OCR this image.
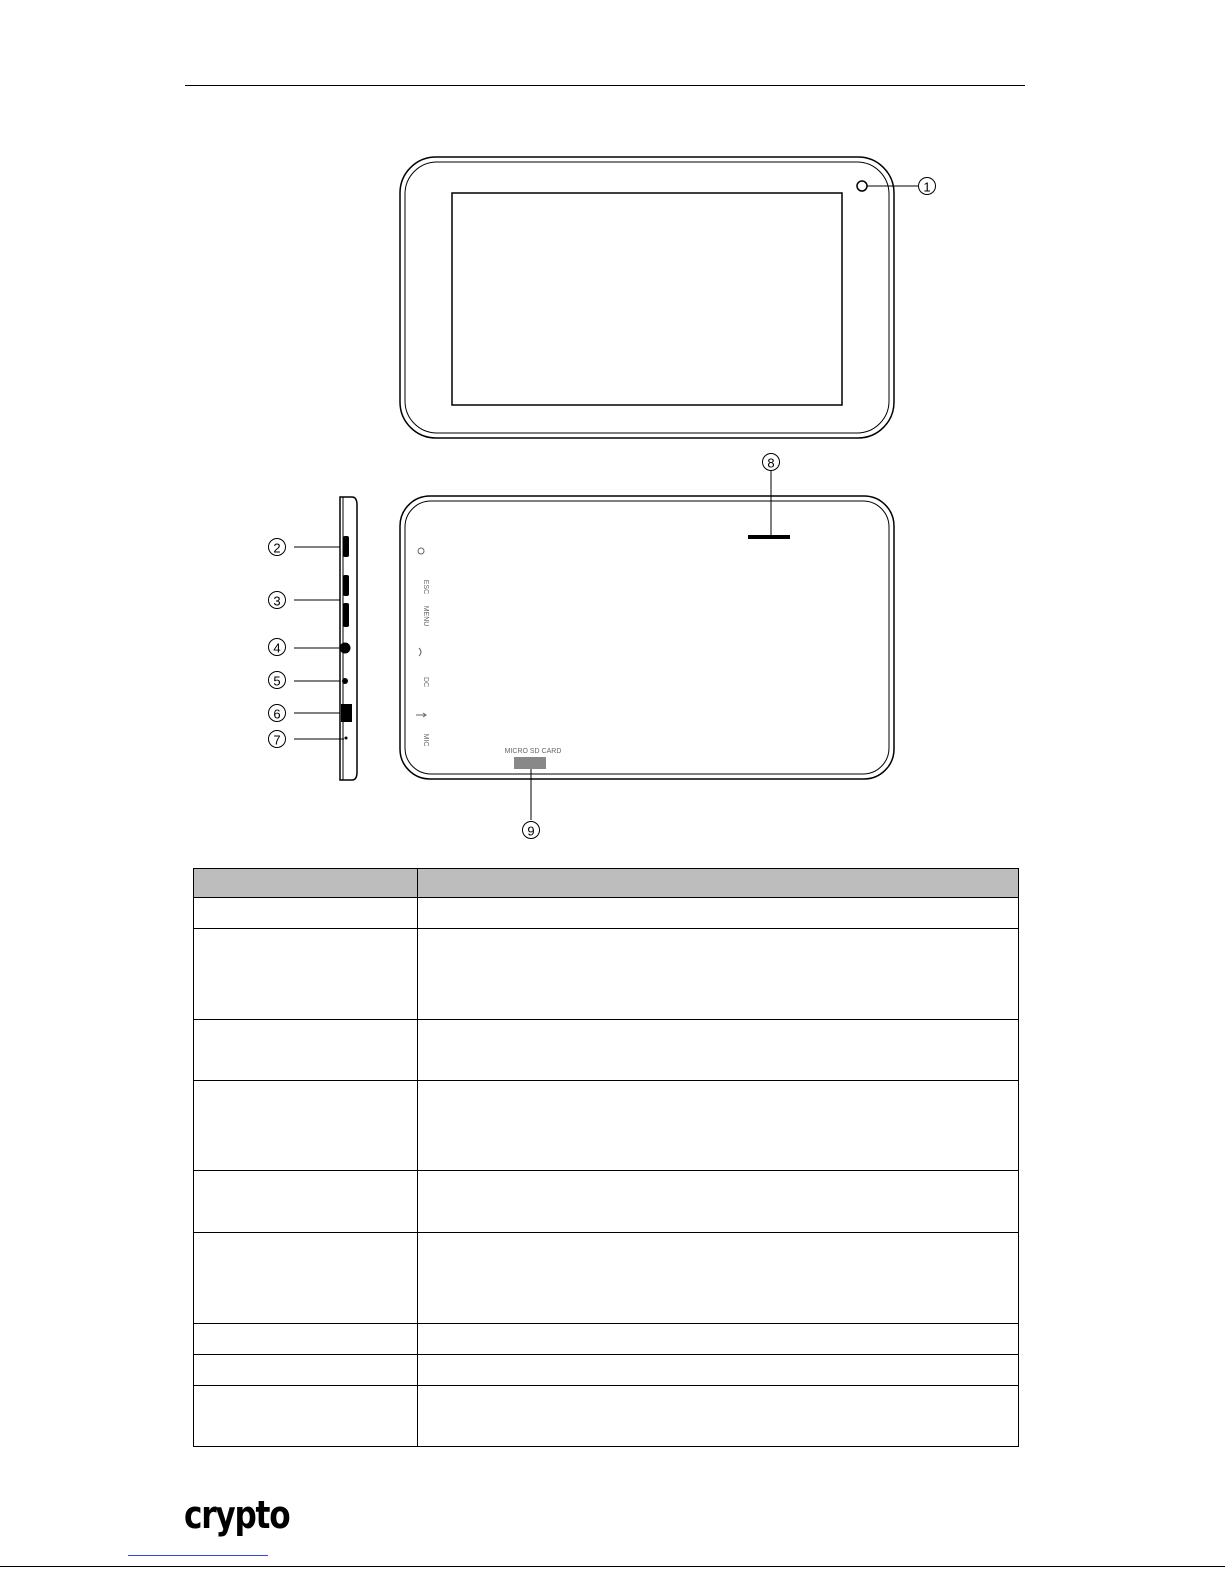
1
2
3
4
5
6
7
8
9
ESC
MENU
DC
MIC
MICRO SD CARD

crypto
